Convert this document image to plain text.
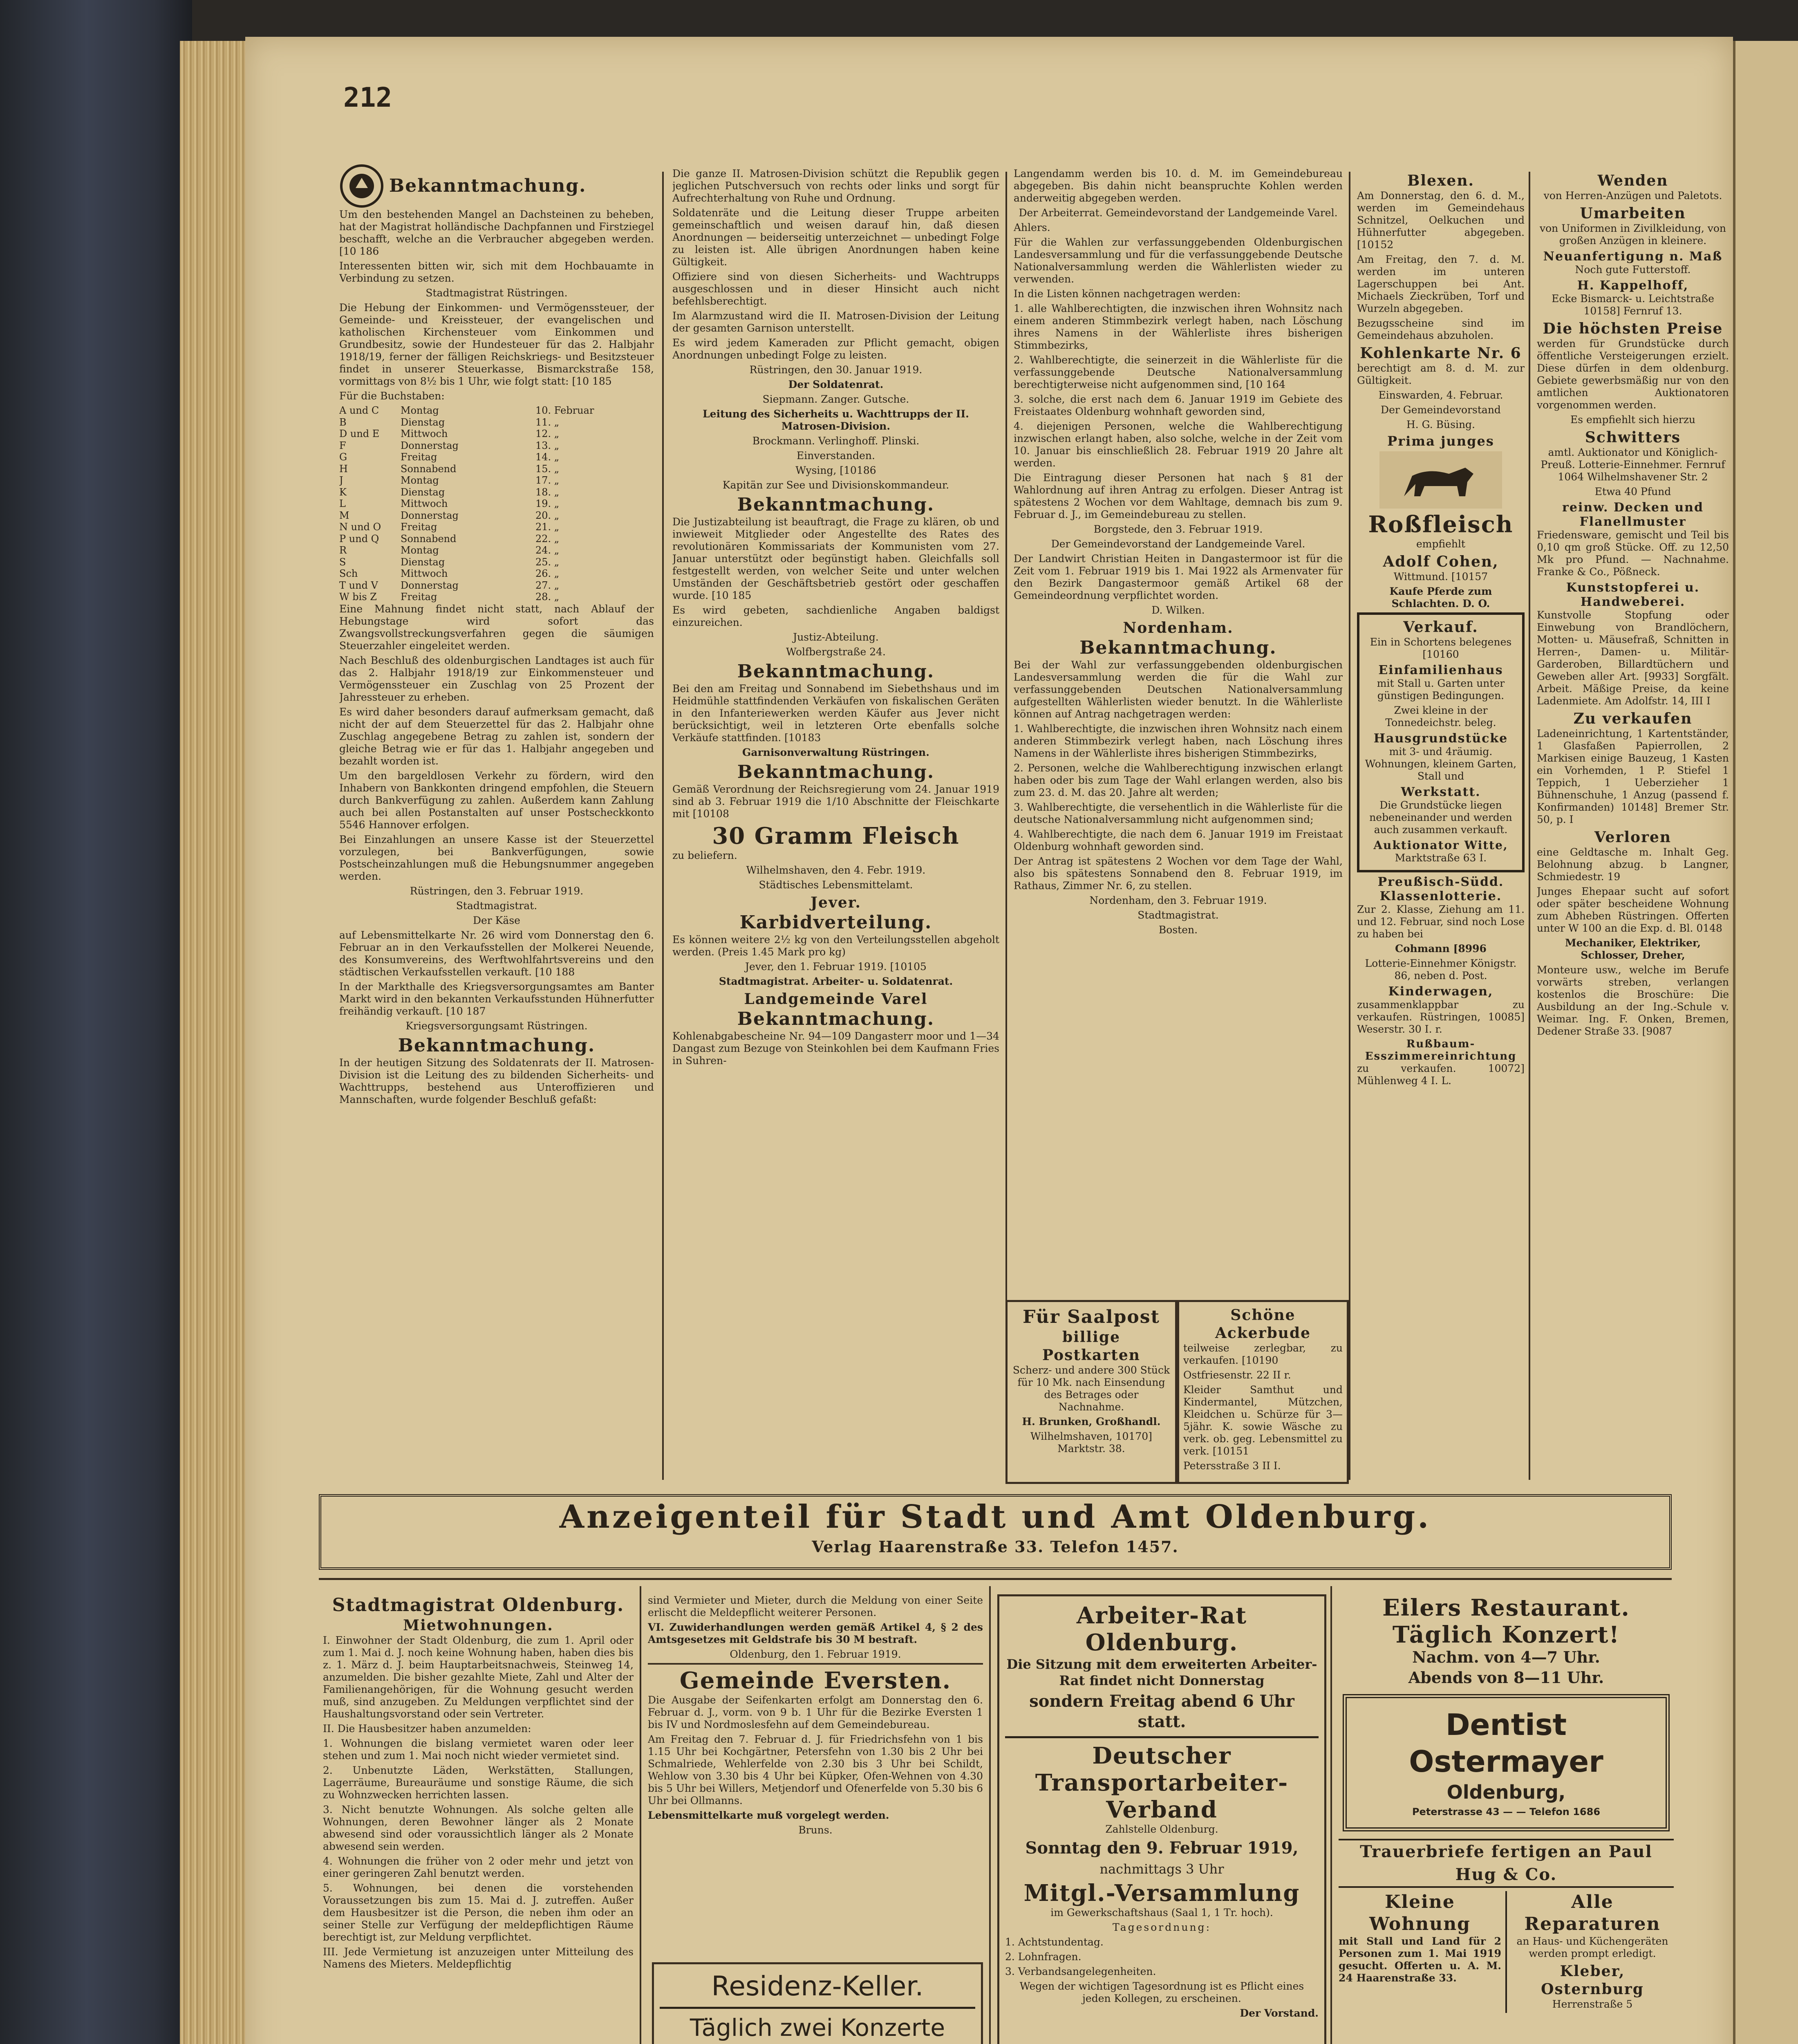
212
Bekanntmachung.

Um den bestehenden Mangel an Dachsteinen zu beheben, hat der Magistrat holländische Dachpfannen und Firstziegel beschafft, welche an die Verbraucher abgegeben werden. [10 186

Interessenten bitten wir, sich mit dem Hochbauamte in Verbindung zu setzen.

Stadtmagistrat Rüstringen.

Die Hebung der Einkommen- und Vermögenssteuer, der Gemeinde- und Kreissteuer, der evangelischen und katholischen Kirchensteuer vom Einkommen und Grundbesitz, sowie der Hundesteuer für das 2. Halbjahr 1918/19, ferner der fälligen Reichskriegs- und Besitzsteuer findet in unserer Steuerkasse, Bismarckstraße 158, vormittags von 8½ bis 1 Uhr, wie folgt statt: [10 185

Für die Buchstaben:

A und C	Montag	10. Februar
B	Dienstag	11. „
D und E	Mittwoch	12. „
F	Donnerstag	13. „
G	Freitag	14. „
H	Sonnabend	15. „
J	Montag	17. „
K	Dienstag	18. „
L	Mittwoch	19. „
M	Donnerstag	20. „
N und O	Freitag	21. „
P und Q	Sonnabend	22. „
R	Montag	24. „
S	Dienstag	25. „
Sch	Mittwoch	26. „
T und V	Donnerstag	27. „
W bis Z	Freitag	28. „

Eine Mahnung findet nicht statt, nach Ablauf der Hebungstage wird sofort das Zwangsvollstreckungsverfahren gegen die säumigen Steuerzahler eingeleitet werden.

Nach Beschluß des oldenburgischen Landtages ist auch für das 2. Halbjahr 1918/19 zur Einkommensteuer und Vermögenssteuer ein Zuschlag von 25 Prozent der Jahressteuer zu erheben.

Es wird daher besonders darauf aufmerksam gemacht, daß nicht der auf dem Steuerzettel für das 2. Halbjahr ohne Zuschlag angegebene Betrag zu zahlen ist, sondern der gleiche Betrag wie er für das 1. Halbjahr angegeben und bezahlt worden ist.

Um den bargeldlosen Verkehr zu fördern, wird den Inhabern von Bankkonten dringend empfohlen, die Steuern durch Bankverfügung zu zahlen. Außerdem kann Zahlung auch bei allen Postanstalten auf unser Postscheckkonto 5546 Hannover erfolgen.

Bei Einzahlungen an unsere Kasse ist der Steuerzettel vorzulegen, bei Bankverfügungen, sowie Postscheinzahlungen muß die Hebungsnummer angegeben werden.

Rüstringen, den 3. Februar 1919.

Stadtmagistrat.

Der Käse

auf Lebensmittelkarte Nr. 26 wird vom Donnerstag den 6. Februar an in den Verkaufsstellen der Molkerei Neuende, des Konsumvereins, des Werftwohlfahrtsvereins und den städtischen Verkaufsstellen verkauft. [10 188

In der Markthalle des Kriegsversorgungsamtes am Banter Markt wird in den bekannten Verkaufsstunden Hühnerfutter freihändig verkauft. [10 187

Kriegsversorgungsamt Rüstringen.

Bekanntmachung.

In der heutigen Sitzung des Soldatenrats der II. Matrosen-Division ist die Leitung des zu bildenden Sicherheits- und Wachttrupps, bestehend aus Unteroffizieren und Mannschaften, wurde folgender Beschluß gefaßt:

Die ganze II. Matrosen-Division schützt die Republik gegen jeglichen Putschversuch von rechts oder links und sorgt für Aufrechterhaltung von Ruhe und Ordnung.

Soldatenräte und die Leitung dieser Truppe arbeiten gemeinschaftlich und weisen darauf hin, daß diesen Anordnungen — beiderseitig unterzeichnet — unbedingt Folge zu leisten ist. Alle übrigen Anordnungen haben keine Gültigkeit.

Offiziere sind von diesen Sicherheits- und Wachtrupps ausgeschlossen und in dieser Hinsicht auch nicht befehlsberechtigt.

Im Alarmzustand wird die II. Matrosen-Division der Leitung der gesamten Garnison unterstellt.

Es wird jedem Kameraden zur Pflicht gemacht, obigen Anordnungen unbedingt Folge zu leisten.

Rüstringen, den 30. Januar 1919.

Der Soldatenrat.

Siepmann. Zanger. Gutsche.

Leitung des Sicherheits u. Wachttrupps der II. Matrosen-Division.

Brockmann. Verlinghoff. Plinski.

Einverstanden.

Wysing, [10186

Kapitän zur See und Divisionskommandeur.

Bekanntmachung.

Die Justizabteilung ist beauftragt, die Frage zu klären, ob und inwieweit Mitglieder oder Angestellte des Rates des revolutionären Kommissariats der Kommunisten vom 27. Januar unterstützt oder begünstigt haben. Gleichfalls soll festgestellt werden, von welcher Seite und unter welchen Umständen der Geschäftsbetrieb gestört oder geschaffen wurde. [10 185

Es wird gebeten, sachdienliche Angaben baldigst einzureichen.

Justiz-Abteilung.

Wolfbergstraße 24.

Bekanntmachung.

Bei den am Freitag und Sonnabend im Siebethshaus und im Heidmühle stattfindenden Verkäufen von fiskalischen Geräten in den Infanteriewerken werden Käufer aus Jever nicht berücksichtigt, weil in letzteren Orte ebenfalls solche Verkäufe stattfinden. [10183

Garnisonverwaltung Rüstringen.

Bekanntmachung.

Gemäß Verordnung der Reichsregierung vom 24. Januar 1919 sind ab 3. Februar 1919 die 1/10 Abschnitte der Fleischkarte mit [10108

30 Gramm Fleisch

zu beliefern.

Wilhelmshaven, den 4. Febr. 1919.

Städtisches Lebensmittelamt.

Jever.
Karbidverteilung.

Es können weitere 2½ kg von den Verteilungsstellen abgeholt werden. (Preis 1.45 Mark pro kg)

Jever, den 1. Februar 1919. [10105

Stadtmagistrat. Arbeiter- u. Soldatenrat.

Landgemeinde Varel
Bekanntmachung.

Kohlenabgabescheine Nr. 94—109 Dangasterr moor und 1—34 Dangast zum Bezuge von Steinkohlen bei dem Kaufmann Fries in Suhren-

Langendamm werden bis 10. d. M. im Gemeindebureau abgegeben. Bis dahin nicht beanspruchte Kohlen werden anderweitig abgegeben werden.

Der Arbeiterrat. Gemeindevorstand der Landgemeinde Varel.

Ahlers.

Für die Wahlen zur verfassunggebenden Oldenburgischen Landesversammlung und für die verfassunggebende Deutsche Nationalversammlung werden die Wählerlisten wieder zu verwenden.

In die Listen können nachgetragen werden:

1. alle Wahlberechtigten, die inzwischen ihren Wohnsitz nach einem anderen Stimmbezirk verlegt haben, nach Löschung ihres Namens in der Wählerliste ihres bisherigen Stimmbezirks,

2. Wahlberechtigte, die seinerzeit in die Wählerliste für die verfassunggebende Deutsche Nationalversammlung berechtigterweise nicht aufgenommen sind, [10 164

3. solche, die erst nach dem 6. Januar 1919 im Gebiete des Freistaates Oldenburg wohnhaft geworden sind,

4. diejenigen Personen, welche die Wahlberechtigung inzwischen erlangt haben, also solche, welche in der Zeit vom 10. Januar bis einschließlich 28. Februar 1919 20 Jahre alt werden.

Die Eintragung dieser Personen hat nach § 81 der Wahlordnung auf ihren Antrag zu erfolgen. Dieser Antrag ist spätestens 2 Wochen vor dem Wahltage, demnach bis zum 9. Februar d. J., im Gemeindebureau zu stellen.

Borgstede, den 3. Februar 1919.

Der Gemeindevorstand der Landgemeinde Varel.

Der Landwirt Christian Heiten in Dangastermoor ist für die Zeit vom 1. Februar 1919 bis 1. Mai 1922 als Armenvater für den Bezirk Dangastermoor gemäß Artikel 68 der Gemeindeordnung verpflichtet worden.

D. Wilken.

Nordenham.
Bekanntmachung.

Bei der Wahl zur verfassunggebenden oldenburgischen Landesversammlung werden die für die Wahl zur verfassunggebenden Deutschen Nationalversammlung aufgestellten Wählerlisten wieder benutzt. In die Wählerliste können auf Antrag nachgetragen werden:

1. Wahlberechtigte, die inzwischen ihren Wohnsitz nach einem anderen Stimmbezirk verlegt haben, nach Löschung ihres Namens in der Wählerliste ihres bisherigen Stimmbezirks,

2. Personen, welche die Wahlberechtigung inzwischen erlangt haben oder bis zum Tage der Wahl erlangen werden, also bis zum 23. d. M. das 20. Jahre alt werden;

3. Wahlberechtigte, die versehentlich in die Wählerliste für die deutsche Nationalversammlung nicht aufgenommen sind;

4. Wahlberechtigte, die nach dem 6. Januar 1919 im Freistaat Oldenburg wohnhaft geworden sind.

Der Antrag ist spätestens 2 Wochen vor dem Tage der Wahl, also bis spätestens Sonnabend den 8. Februar 1919, im Rathaus, Zimmer Nr. 6, zu stellen.

Nordenham, den 3. Februar 1919.

Stadtmagistrat.

Bosten.

Für Saalpost
billige Postkarten

Scherz- und andere 300 Stück für 10 Mk. nach Einsendung des Betrages oder Nachnahme.

H. Brunken, Großhandl.

Wilhelmshaven, 10170] Marktstr. 38.

Schöne Ackerbude

teilweise zerlegbar, zu verkaufen. [10190

Ostfriesenstr. 22 II r.

Kleider Samthut und Kindermantel, Mützchen, Kleidchen u. Schürze für 3—5jähr. K. sowie Wäsche zu verk. ob. geg. Lebensmittel zu verk. [10151

Petersstraße 3 II I.

Blexen.

Am Donnerstag, den 6. d. M., werden im Gemeindehaus Schnitzel, Oelkuchen und Hühnerfutter abgegeben. [10152

Am Freitag, den 7. d. M. werden im unteren Lagerschuppen bei Ant. Michaels Zieckrüben, Torf und Wurzeln abgegeben.

Bezugsscheine sind im Gemeindehaus abzuholen.

Kohlenkarte Nr. 6

berechtigt am 8. d. M. zur Gültigkeit.

Einswarden, 4. Februar.

Der Gemeindevorstand

H. G. Büsing.

Prima junges
Roßfleisch

empfiehlt

Adolf Cohen,

Wittmund. [10157

Kaufe Pferde zum Schlachten. D. O.

Verkauf.

Ein in Schortens belegenes [10160

Einfamilienhaus

mit Stall u. Garten unter günstigen Bedingungen.

Zwei kleine in der Tonnedeichstr. beleg.

Hausgrundstücke

mit 3- und 4räumig. Wohnungen, kleinem Garten, Stall und

Werkstatt.

Die Grundstücke liegen nebeneinander und werden auch zusammen verkauft.

Auktionator Witte,

Marktstraße 63 I.

Preußisch-Südd. Klassenlotterie.

Zur 2. Klasse, Ziehung am 11. und 12. Februar, sind noch Lose zu haben bei

Cohmann [8996

Lotterie-Einnehmer Königstr. 86, neben d. Post.

Kinderwagen,

zusammenklappbar zu verkaufen. Rüstringen, 10085] Weserstr. 30 I. r.

Rußbaum-Esszimmereinrichtung

zu verkaufen. 10072] Mühlenweg 4 I. L.

Wenden

von Herren-Anzügen und Paletots.

Umarbeiten

von Uniformen in Zivilkleidung, von großen Anzügen in kleinere.

Neuanfertigung n. Maß

Noch gute Futterstoff.

H. Kappelhoff,

Ecke Bismarck- u. Leichtstraße 10158] Fernruf 13.

Die höchsten Preise

werden für Grundstücke durch öffentliche Versteigerungen erzielt. Diese dürfen in dem oldenburg. Gebiete gewerbsmäßig nur von den amtlichen Auktionatoren vorgenommen werden.

Es empfiehlt sich hierzu

Schwitters

amtl. Auktionator und Königlich-Preuß. Lotterie-Einnehmer. Fernruf 1064 Wilhelmshavener Str. 2

Etwa 40 Pfund

reinw. Decken und Flanellmuster

Friedensware, gemischt und Teil bis 0,10 qm groß Stücke. Off. zu 12,50 Mk pro Pfund. — Nachnahme. Franke & Co., Pößneck.

Kunststopferei u. Handweberei.

Kunstvolle Stopfung oder Einwebung von Brandlöchern, Motten- u. Mäusefraß, Schnitten in Herren-, Damen- u. Militär-Garderoben, Billardtüchern und Geweben aller Art. [9933] Sorgfält. Arbeit. Mäßige Preise, da keine Ladenmiete. Am Adolfstr. 14, III I

Zu verkaufen

Ladeneinrichtung, 1 Kartentständer, 1 Glasfaßen Papierrollen, 2 Markisen einige Bauzeug, 1 Kasten ein Vorhemden, 1 P. Stiefel 1 Teppich, 1 Ueberzieher 1 Bühnenschuhe, 1 Anzug (passend f. Konfirmanden) 10148] Bremer Str. 50, p. I

Verloren

eine Geldtasche m. Inhalt Geg. Belohnung abzug. b Langner, Schmiedestr. 19

Junges Ehepaar sucht auf sofort oder später bescheidene Wohnung zum Abheben Rüstringen. Offerten unter W 100 an die Exp. d. Bl. 0148

Mechaniker, Elektriker, Schlosser, Dreher,

Monteure usw., welche im Berufe vorwärts streben, verlangen kostenlos die Broschüre: Die Ausbildung an der Ing.-Schule v. Weimar. Ing. F. Onken, Bremen, Dedener Straße 33. [9087

Anzeigenteil für Stadt und Amt Oldenburg.
Verlag Haarenstraße 33. Telefon 1457.
Stadtmagistrat Oldenburg.
Mietwohnungen.

I. Einwohner der Stadt Oldenburg, die zum 1. April oder zum 1. Mai d. J. noch keine Wohnung haben, haben dies bis z. 1. März d. J. beim Hauptarbeitsnachweis, Steinweg 14, anzumelden. Die bisher gezahlte Miete, Zahl und Alter der Familienangehörigen, für die Wohnung gesucht werden muß, sind anzugeben. Zu Meldungen verpflichtet sind der Haushaltungsvorstand oder sein Vertreter.

II. Die Hausbesitzer haben anzumelden:

1. Wohnungen die bislang vermietet waren oder leer stehen und zum 1. Mai noch nicht wieder vermietet sind.

2. Unbenutzte Läden, Werkstätten, Stallungen, Lagerräume, Bureauräume und sonstige Räume, die sich zu Wohnzwecken herrichten lassen.

3. Nicht benutzte Wohnungen. Als solche gelten alle Wohnungen, deren Bewohner länger als 2 Monate abwesend sind oder voraussichtlich länger als 2 Monate abwesend sein werden.

4. Wohnungen die früher von 2 oder mehr und jetzt von einer geringeren Zahl benutzt werden.

5. Wohnungen, bei denen die vorstehenden Voraussetzungen bis zum 15. Mai d. J. zutreffen. Außer dem Hausbesitzer ist die Person, die neben ihm oder an seiner Stelle zur Verfügung der meldepflichtigen Räume berechtigt ist, zur Meldung verpflichtet.

III. Jede Vermietung ist anzuzeigen unter Mitteilung des Namens des Mieters. Meldepflichtig

sind Vermieter und Mieter, durch die Meldung von einer Seite erlischt die Meldepflicht weiterer Personen.

VI. Zuwiderhandlungen werden gemäß Artikel 4, § 2 des Amtsgesetzes mit Geldstrafe bis 30 M bestraft.

Oldenburg, den 1. Februar 1919.

Gemeinde Eversten.

Die Ausgabe der Seifenkarten erfolgt am Donnerstag den 6. Februar d. J., vorm. von 9 b. 1 Uhr für die Bezirke Eversten 1 bis IV und Nordmoslesfehn auf dem Gemeindebureau.

Am Freitag den 7. Februar d. J. für Friedrichsfehn von 1 bis 1.15 Uhr bei Kochgärtner, Petersfehn von 1.30 bis 2 Uhr bei Schmalriede, Wehlerfelde von 2.30 bis 3 Uhr bei Schildt, Wehlow von 3.30 bis 4 Uhr bei Küpker, Ofen-Wehnen von 4.30 bis 5 Uhr bei Willers, Metjendorf und Ofenerfelde von 5.30 bis 6 Uhr bei Ollmanns.

Lebensmittelkarte muß vorgelegt werden.

Bruns.

Residenz-Keller.
Täglich zwei Konzerte
Arbeiter-Rat Oldenburg.

Die Sitzung mit dem erweiterten Arbeiter-Rat findet nicht Donnerstag

sondern Freitag abend 6 Uhr statt.

Deutscher Transportarbeiter-Verband

Zahlstelle Oldenburg.

Sonntag den 9. Februar 1919,

nachmittags 3 Uhr

Mitgl.-Versammlung

im Gewerkschaftshaus (Saal 1, 1 Tr. hoch).

Tagesordnung:

1. Achtstundentag.

2. Lohnfragen.

3. Verbandsangelegenheiten.

Wegen der wichtigen Tagesordnung ist es Pflicht eines jeden Kollegen, zu erscheinen.

Der Vorstand.

Eilers Restaurant.
Täglich Konzert!

Nachm. von 4—7 Uhr.

Abends von 8—11 Uhr.

Dentist Ostermayer
Oldenburg,
Peterstrasse 43 — — Telefon 1686
Trauerbriefe fertigen an Paul Hug & Co.
Kleine Wohnung

mit Stall und Land für 2 Personen zum 1. Mai 1919 gesucht. Offerten u. A. M. 24 Haarenstraße 33.

Alle Reparaturen

an Haus- und Küchengeräten werden prompt erledigt.

Kleber, Osternburg

Herrenstraße 5
